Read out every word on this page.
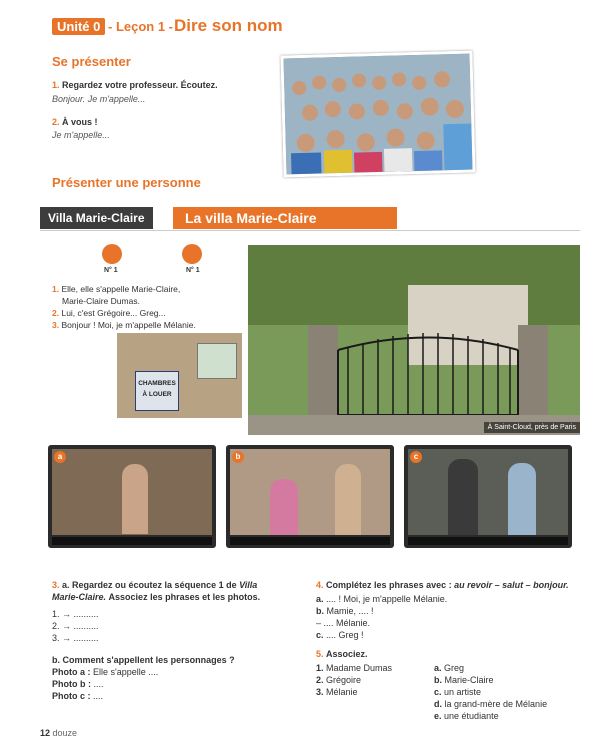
Unité 0 - Leçon 1 - Dire son nom
Se présenter
1. Regardez votre professeur. Écoutez.
Bonjour. Je m'appelle...
2. À vous !
Je m'appelle...
Présenter une personne
Villa Marie-Claire	La villa Marie-Claire
N° 1	N° 1
1. Elle, elle s'appelle Marie-Claire,
Marie-Claire Dumas.
2. Lui, c'est Grégoire... Greg...
3. Bonjour ! Moi, je m'appelle Mélanie.
CHAMBRES
À LOUER
À Saint-Cloud, près de Paris
a	b	c
3. a. Regardez ou écoutez la séquence 1 de Villa Marie-Claire. Associez les phrases et les photos.
1. → ..........
2. → ..........
3. → ..........
b. Comment s'appellent les personnages ?
Photo a : Elle s'appelle ....
Photo b : ....
Photo c : ....
4. Complétez les phrases avec : au revoir – salut – bonjour.
a. .... ! Moi, je m'appelle Mélanie.
b. Mamie, .... !
– .... Mélanie.
c. .... Greg !
5. Associez.
1. Madame Dumas
2. Grégoire
3. Mélanie
a. Greg
b. Marie-Claire
c. un artiste
d. la grand-mère de Mélanie
e. une étudiante
12 douze
